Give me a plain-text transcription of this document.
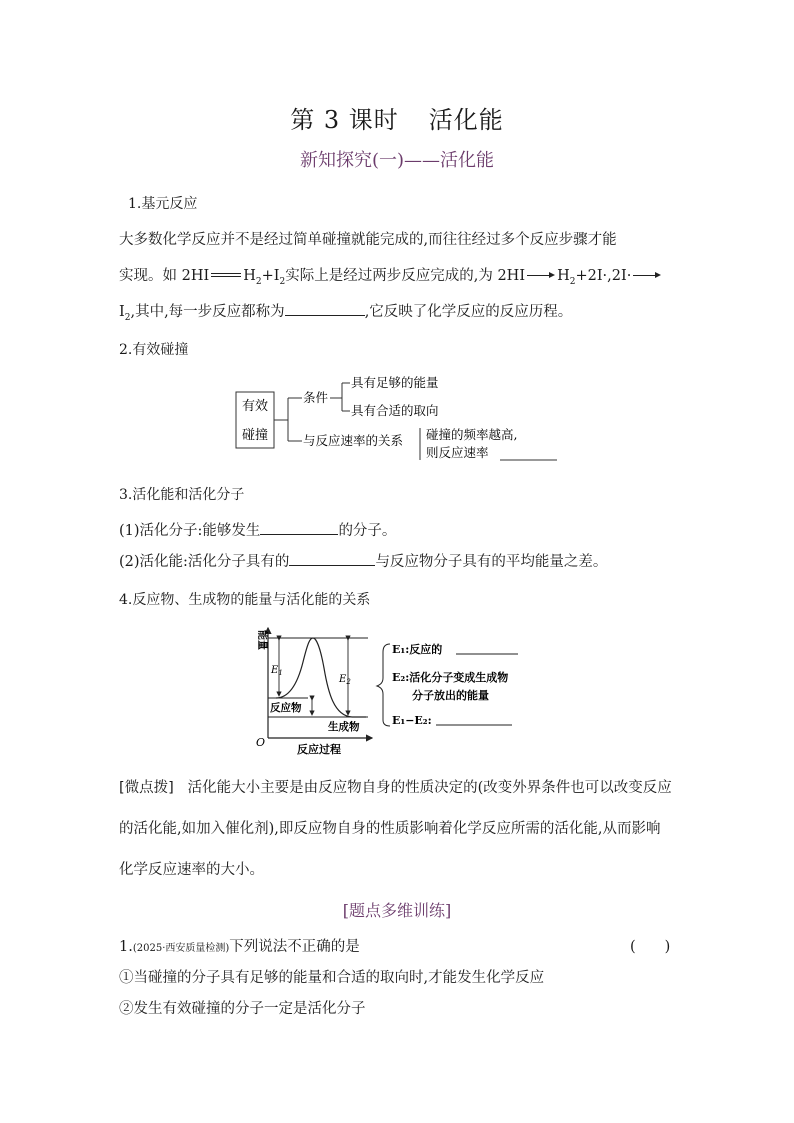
第 3 课时 活化能
新知探究(一)——活化能
1.基元反应
大多数化学反应并不是经过简单碰撞就能完成的,而往往经过多个反应步骤才能
实现。如 2HI $H_2+I_2$实际上是经过两步反应完成的,为 2HI $H_2+2I\cdot,2I\cdot$
$I_2$,其中,每一步反应都称为	,它反映了化学反应的反应历程。
2.有效碰撞
有效
碰撞
条件
具有足够的能量
具有合适的取向
与反应速率的关系 碰撞的频率越高,
则反应速率
3.活化能和活化分子
(1)活化分子:能够发生	的分子。
(2)活化能:活化分子具有的	与反应物分子具有的平均能量之差。
4.反应物、生成物的能量与活化能的关系
能量
O
反应过程
$E_1$
$E_2$
反应物
生成物
E₁:反应的
E₂:活化分子变成生成物
分子放出的能量
E₁−E₂:
[微点拨] 活化能大小主要是由反应物自身的性质决定的(改变外界条件也可以改变反应
的活化能,如加入催化剂),即反应物自身的性质影响着化学反应所需的活化能,从而影响
化学反应速率的大小。
[题点多维训练]
1.(2025·西安质量检测)下列说法不正确的是	(　　)
①当碰撞的分子具有足够的能量和合适的取向时,才能发生化学反应
②发生有效碰撞的分子一定是活化分子
